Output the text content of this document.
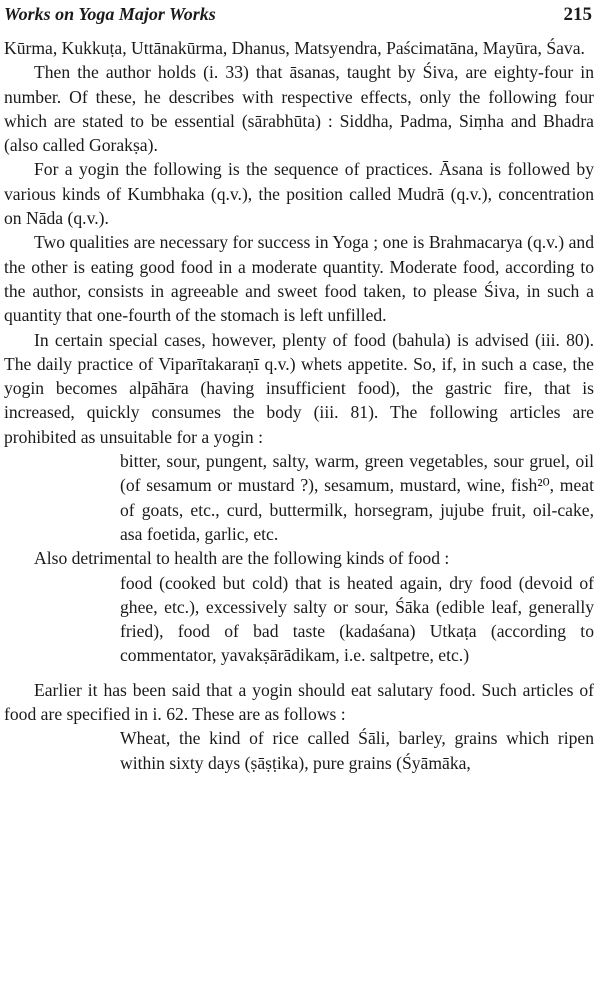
Works on Yoga Major Works	215

Kūrma, Kukkuṭa, Uttānakūrma, Dhanus, Matsyendra, Paścimatāna, Mayūra, Śava.

Then the author holds (i. 33) that āsanas, taught by Śiva, are eighty-four in number. Of these, he describes with respective effects, only the following four which are stated to be essential (sārabhūta) : Siddha, Padma, Siṃha and Bhadra (also called Gorakṣa).

For a yogin the following is the sequence of practices. Āsana is followed by various kinds of Kumbhaka (q.v.), the position called Mudrā (q.v.), concentration on Nāda (q.v.).

Two qualities are necessary for success in Yoga ; one is Brahmacarya (q.v.) and the other is eating good food in a moderate quantity. Moderate food, according to the author, consists in agreeable and sweet food taken, to please Śiva, in such a quantity that one-fourth of the stomach is left unfilled.

In certain special cases, however, plenty of food (bahula) is advised (iii. 80). The daily practice of Viparītakaraṇī q.v.) whets appetite. So, if, in such a case, the yogin becomes alpāhāra (having insufficient food), the gastric fire, that is increased, quickly consumes the body (iii. 81). The following articles are prohibited as unsuitable for a yogin :

bitter, sour, pungent, salty, warm, green vegetables, sour gruel, oil (of sesamum or mustard ?), sesamum, mustard, wine, fish²⁰, meat of goats, etc., curd, buttermilk, horsegram, jujube fruit, oil-cake, asa foetida, garlic, etc.

Also detrimental to health are the following kinds of food :

food (cooked but cold) that is heated again, dry food (devoid of ghee, etc.), excessively salty or sour, Śāka (edible leaf, generally fried), food of bad taste (kadaśana) Utkaṭa (according to commentator, yavakṣārādikam, i.e. saltpetre, etc.)

Earlier it has been said that a yogin should eat salutary food. Such articles of food are specified in i. 62. These are as follows :

Wheat, the kind of rice called Śāli, barley, grains which ripen within sixty days (ṣāṣṭika), pure grains (Śyāmāka,
